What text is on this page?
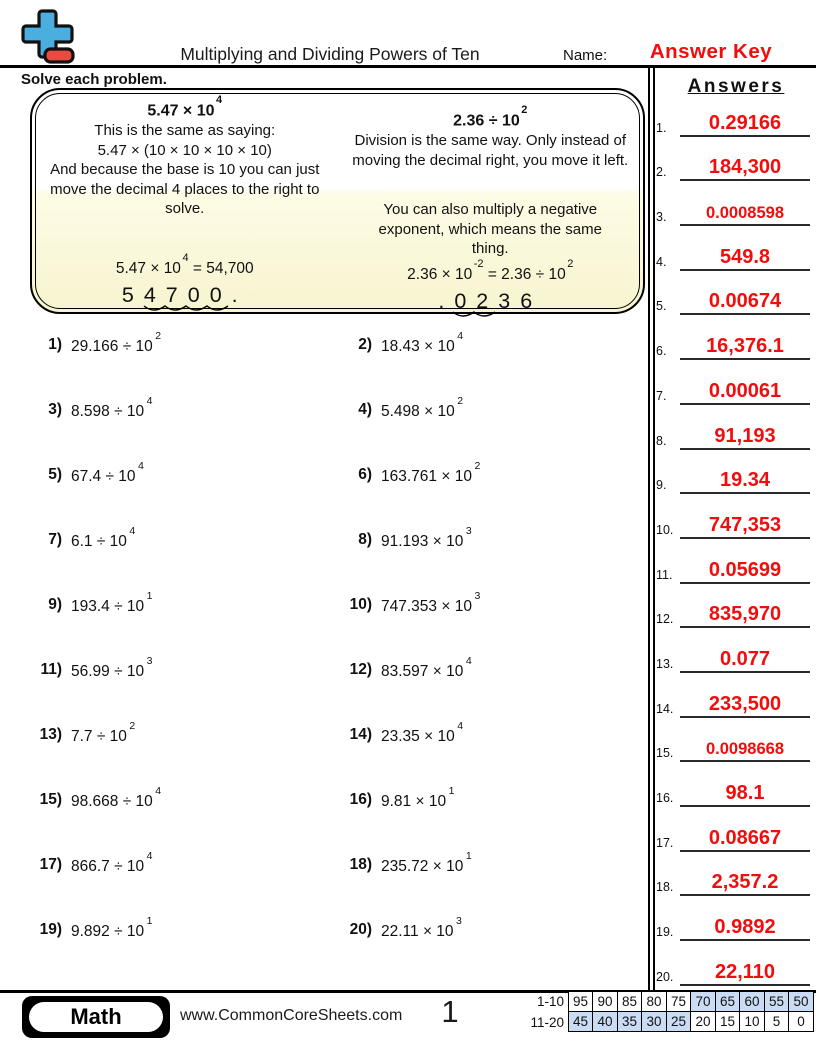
Multiplying and Dividing Powers of Ten	Name:	Answer Key
Solve each problem.
$5.47 \times 10^4$
This is the same as saying:
5.47 × (10 × 10 × 10 × 10)
And because the base is 10 you can just move the decimal 4 places to the right to solve.
$5.47 \times 10^4 = 54,700$
54700.
$2.36 \div 10^2$
Division is the same way. Only instead of moving the decimal right, you move it left.
You can also multiply a negative exponent, which means the same thing.
$2.36 \times 10^{-2} = 2.36 \div 10^2$
.0236
1) $29.166 \div 10^2$	2) $18.43 \times 10^4$
3) $8.598 \div 10^4$	4) $5.498 \times 10^2$
5) $67.4 \div 10^4$	6) $163.761 \times 10^2$
7) $6.1 \div 10^4$	8) $91.193 \times 10^3$
9) $193.4 \div 10^1$	10) $747.353 \times 10^3$
11) $56.99 \div 10^3$	12) $83.597 \times 10^4$
13) $7.7 \div 10^2$	14) $23.35 \times 10^4$
15) $98.668 \div 10^4$	16) $9.81 \times 10^1$
17) $866.7 \div 10^4$	18) $235.72 \times 10^1$
19) $9.892 \div 10^1$	20) $22.11 \times 10^3$
Answers
1.	0.29166
2.	184,300
3.	0.0008598
4.	549.8
5.	0.00674
6.	16,376.1
7.	0.00061
8.	91,193
9.	19.34
10.	747,353
11.	0.05699
12.	835,970
13.	0.077
14.	233,500
15.	0.0098668
16.	98.1
17.	0.08667
18.	2,357.2
19.	0.9892
20.	22,110
Math	www.CommonCoreSheets.com	1	1-10 95 90 85 80 75 70 65 60 55 50
11-20 45 40 35 30 25 20 15 10 5	0
